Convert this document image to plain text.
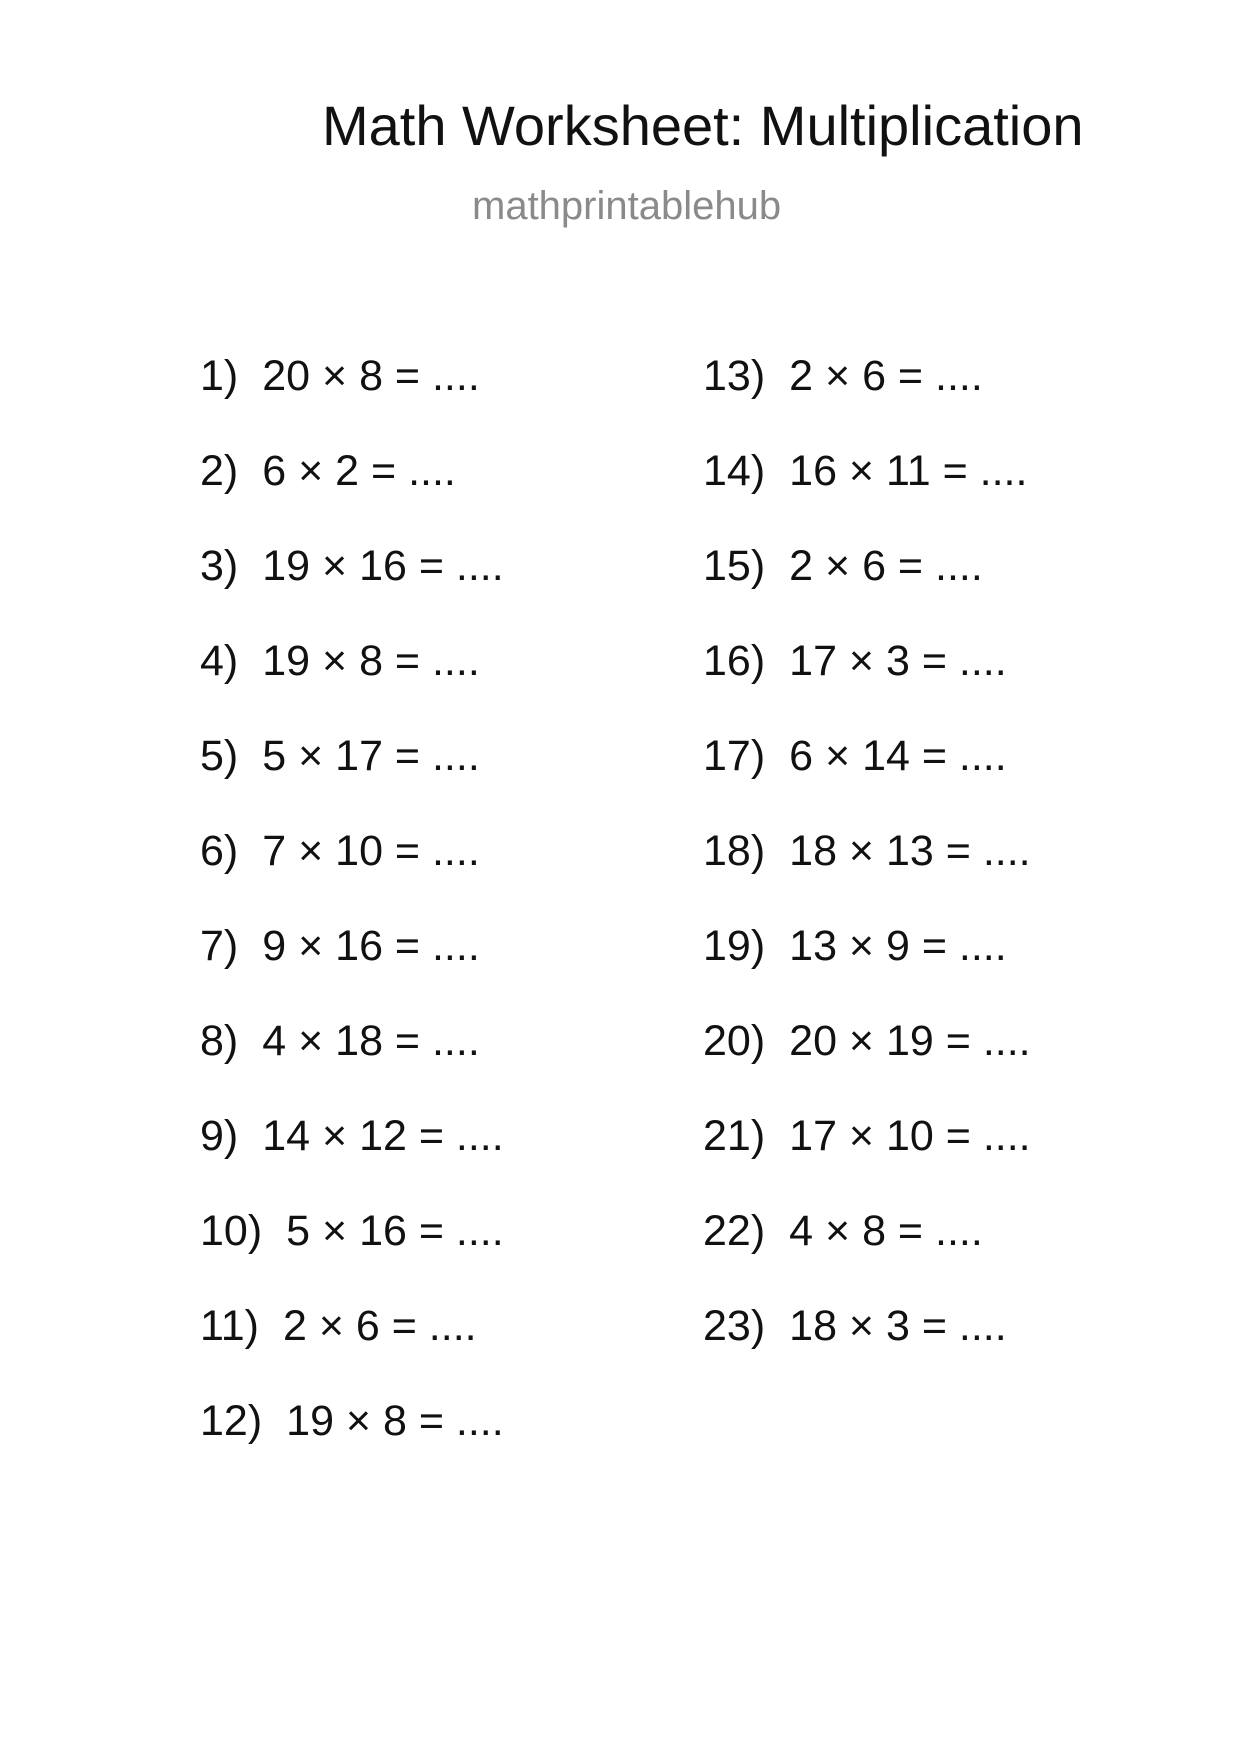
Math Worksheet: Multiplication

mathprintablehub

1) 20 × 8 = ....
2) 6 × 2 = ....
3) 19 × 16 = ....
4) 19 × 8 = ....
5) 5 × 17 = ....
6) 7 × 10 = ....
7) 9 × 16 = ....
8) 4 × 18 = ....
9) 14 × 12 = ....
10) 5 × 16 = ....
11) 2 × 6 = ....
12) 19 × 8 = ....
13) 2 × 6 = ....
14) 16 × 11 = ....
15) 2 × 6 = ....
16) 17 × 3 = ....
17) 6 × 14 = ....
18) 18 × 13 = ....
19) 13 × 9 = ....
20) 20 × 19 = ....
21) 17 × 10 = ....
22) 4 × 8 = ....
23) 18 × 3 = ....
